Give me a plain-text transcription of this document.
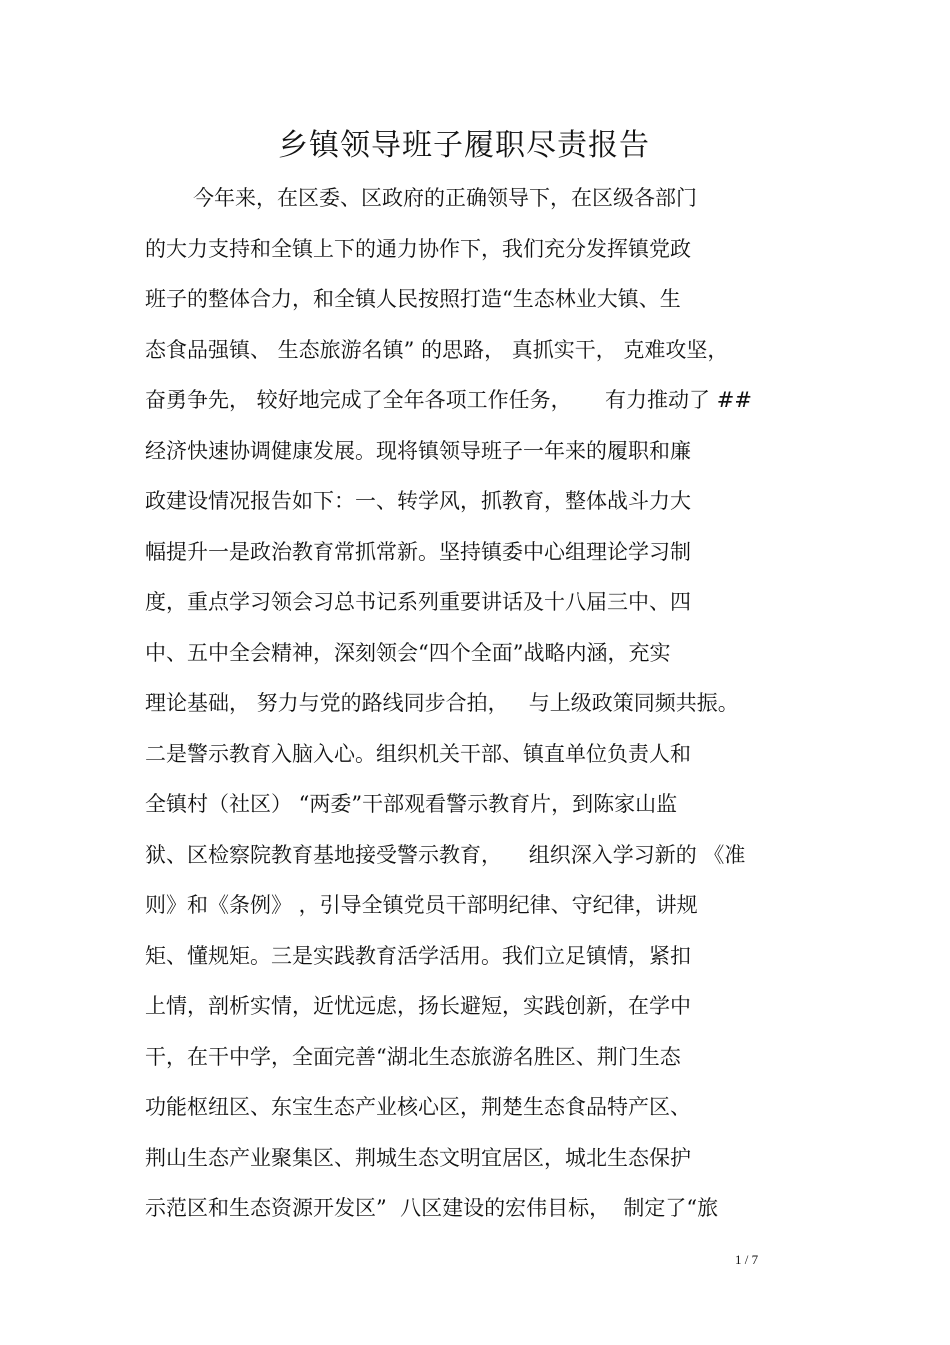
乡镇领导班子履职尽责报告
今年来，在区委、区政府的正确领导下，在区级各部门
的大力支持和全镇上下的通力协作下，我们充分发挥镇党政
班子的整体合力，和全镇人民按照打造“生态林业大镇、生
态食品强镇、 生态旅游名镇” 的思路， 真抓实干， 克难攻坚，
奋勇争先， 较好地完成了全年各项工作任务，     有力推动了 ##
经济快速协调健康发展。现将镇领导班子一年来的履职和廉
政建设情况报告如下：一、转学风，抓教育，整体战斗力大
幅提升一是政治教育常抓常新。坚持镇委中心组理论学习制
度，重点学习领会习总书记系列重要讲话及十八届三中、四
中、五中全会精神，深刻领会“四个全面”战略内涵，充实
理论基础， 努力与党的路线同步合拍，   与上级政策同频共振。
二是警示教育入脑入心。组织机关干部、镇直单位负责人和
全镇村（社区） “两委”干部观看警示教育片，到陈家山监
狱、区检察院教育基地接受警示教育，    组织深入学习新的 《准
则》和《条例》 ，引导全镇党员干部明纪律、守纪律，讲规
矩、懂规矩。三是实践教育活学活用。我们立足镇情，紧扣
上情，剖析实情，近忧远虑，扬长避短，实践创新，在学中
干，在干中学，全面完善“湖北生态旅游名胜区、荆门生态
功能枢纽区、东宝生态产业核心区，荆楚生态食品特产区、
荆山生态产业聚集区、荆城生态文明宜居区，城北生态保护
示范区和生态资源开发区”  八区建设的宏伟目标，  制定了“旅
1 / 7
